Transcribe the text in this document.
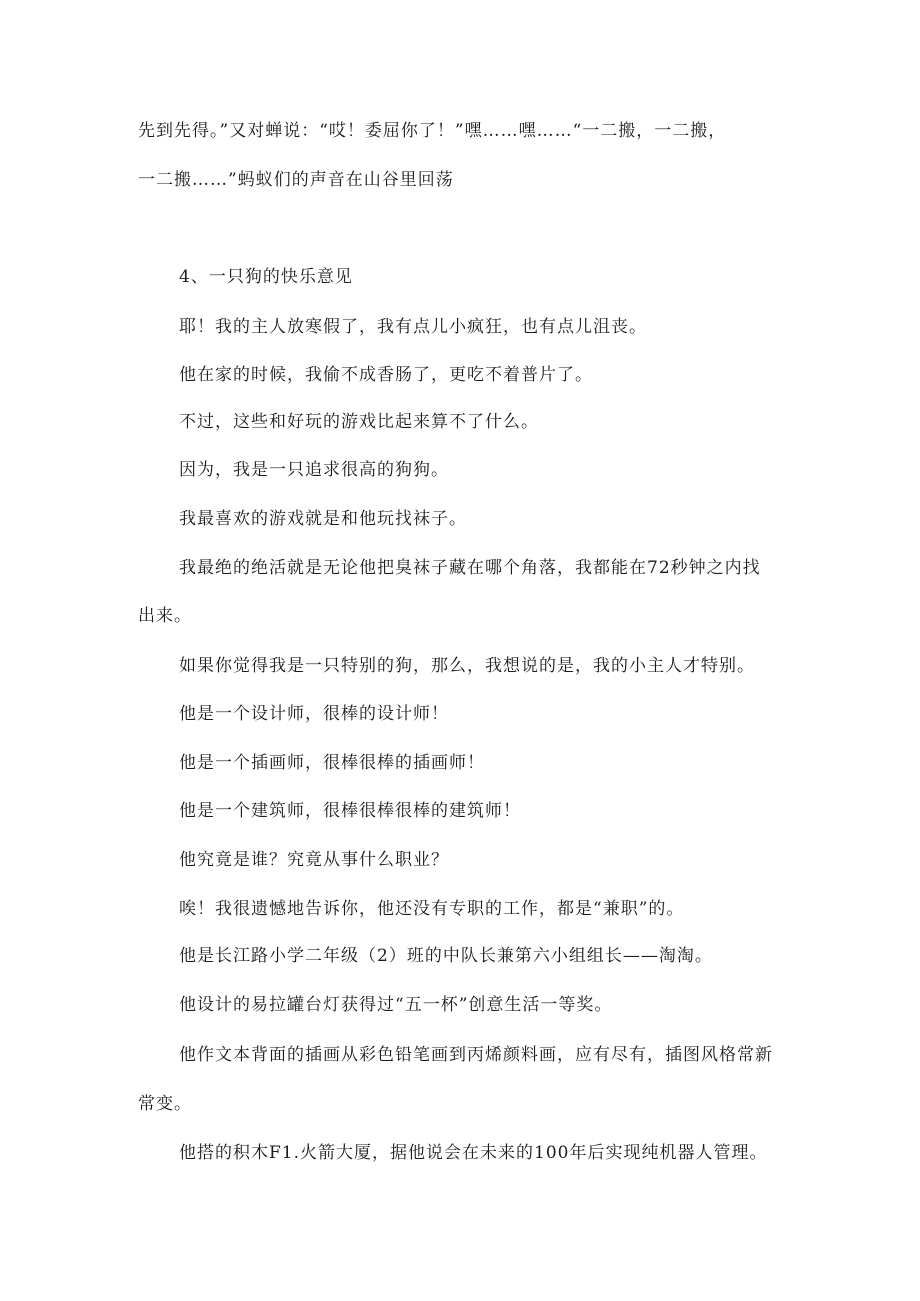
先到先得。”又对蝉说：“哎！委屈你了！”嘿……嘿……“一二搬，一二搬，
一二搬……”蚂蚁们的声音在山谷里回荡
4、一只狗的快乐意见
耶！我的主人放寒假了，我有点儿小疯狂，也有点儿沮丧。
他在家的时候，我偷不成香肠了，更吃不着普片了。
不过，这些和好玩的游戏比起来算不了什么。
因为，我是一只追求很高的狗狗。
我最喜欢的游戏就是和他玩找袜子。
我最绝的绝活就是无论他把臭袜子藏在哪个角落，我都能在72秒钟之内找
出来。
如果你觉得我是一只特别的狗，那么，我想说的是，我的小主人才特别。
他是一个设计师，很棒的设计师！
他是一个插画师，很棒很棒的插画师！
他是一个建筑师，很棒很棒很棒的建筑师！
他究竟是谁？究竟从事什么职业？
唉！我很遗憾地告诉你，他还没有专职的工作，都是“兼职”的。
他是长江路小学二年级（2）班的中队长兼第六小组组长——淘淘。
他设计的易拉罐台灯获得过“五一杯”创意生活一等奖。
他作文本背面的插画从彩色铅笔画到丙烯颜料画，应有尽有，插图风格常新
常变。
他搭的积木F1.火箭大厦，据他说会在未来的100年后实现纯机器人管理。
